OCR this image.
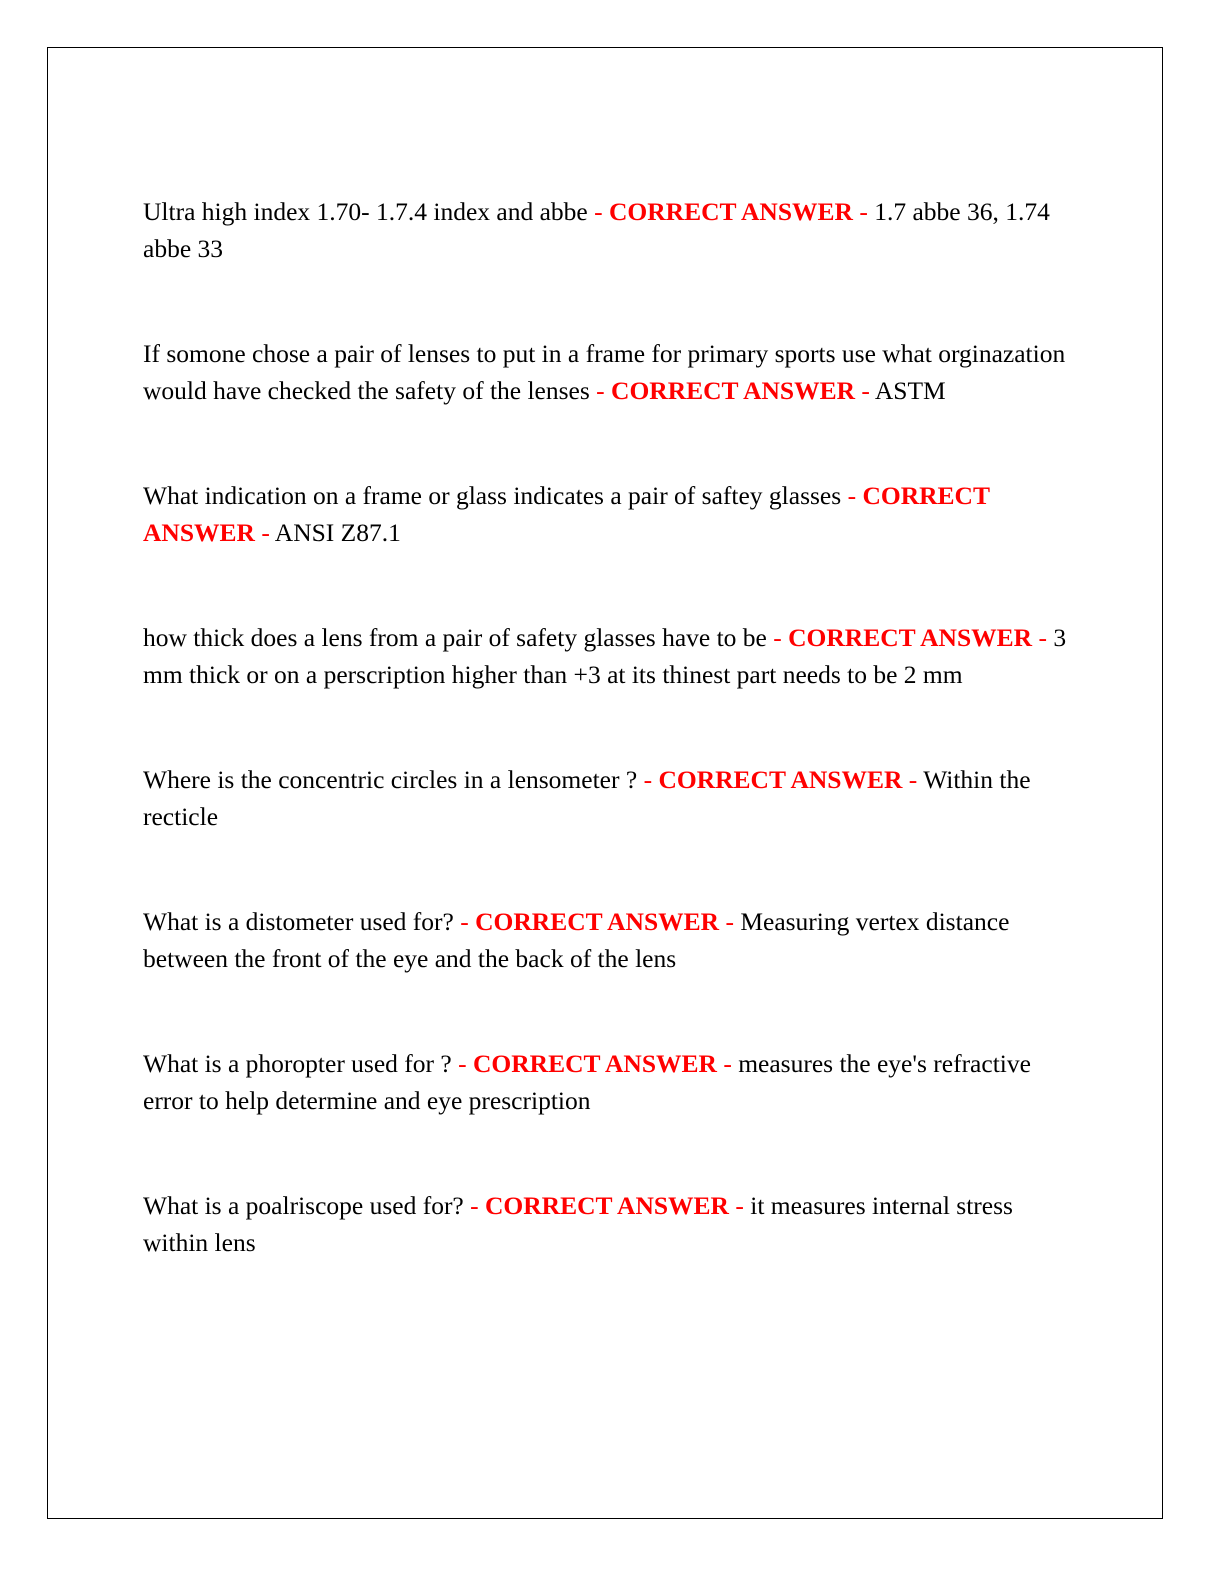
Ultra high index 1.70- 1.7.4 index and abbe - CORRECT ANSWER - 1.7 abbe 36, 1.74 abbe 33

If somone chose a pair of lenses to put in a frame for primary sports use what orginazation would have checked the safety of the lenses - CORRECT ANSWER - ASTM

What indication on a frame or glass indicates a pair of saftey glasses - CORRECT ANSWER - ANSI Z87.1

how thick does a lens from a pair of safety glasses have to be - CORRECT ANSWER - 3 mm thick or on a perscription higher than +3 at its thinest part needs to be 2 mm

Where is the concentric circles in a lensometer ? - CORRECT ANSWER - Within the recticle

What is a distometer used for? - CORRECT ANSWER - Measuring vertex distance between the front of the eye and the back of the lens

What is a phoropter used for ? - CORRECT ANSWER - measures the eye's refractive error to help determine and eye prescription

What is a poalriscope used for? - CORRECT ANSWER - it measures internal stress within lens
